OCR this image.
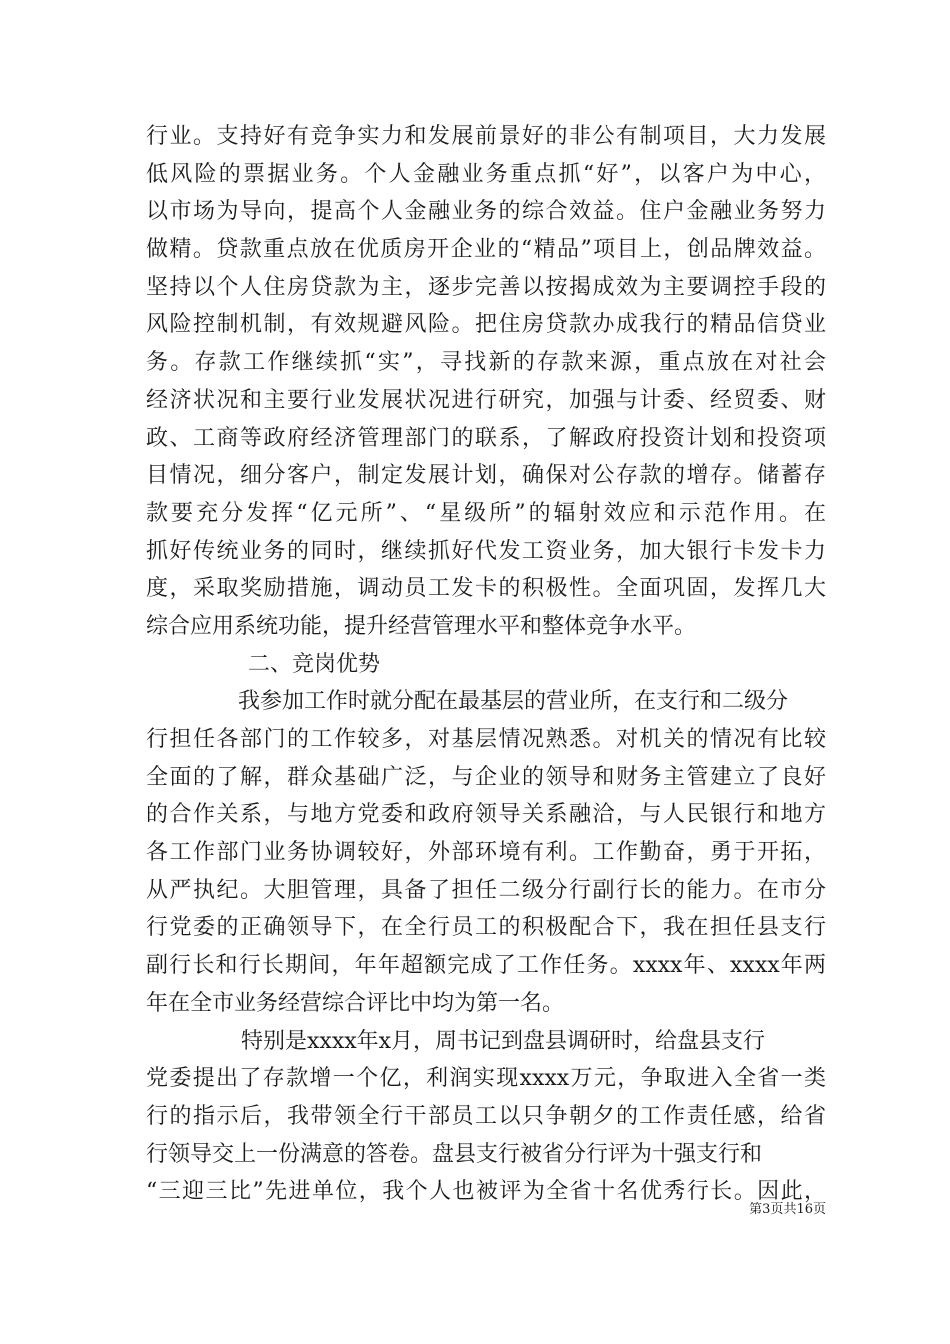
行业。支持好有竞争实力和发展前景好的非公有制项目，大力发展
低风险的票据业务。个人金融业务重点抓“好”，以客户为中心，
以市场为导向，提高个人金融业务的综合效益。住户金融业务努力
做精。贷款重点放在优质房开企业的“精品”项目上，创品牌效益。
坚持以个人住房贷款为主，逐步完善以按揭成效为主要调控手段的
风险控制机制，有效规避风险。把住房贷款办成我行的精品信贷业
务。存款工作继续抓“实”，寻找新的存款来源，重点放在对社会
经济状况和主要行业发展状况进行研究，加强与计委、经贸委、财
政、工商等政府经济管理部门的联系，了解政府投资计划和投资项
目情况，细分客户，制定发展计划，确保对公存款的增存。储蓄存
款要充分发挥“亿元所”、“星级所”的辐射效应和示范作用。在
抓好传统业务的同时，继续抓好代发工资业务，加大银行卡发卡力
度，采取奖励措施，调动员工发卡的积极性。全面巩固，发挥几大
综合应用系统功能，提升经营管理水平和整体竞争水平。
二、竞岗优势
我参加工作时就分配在最基层的营业所，在支行和二级分
行担任各部门的工作较多，对基层情况熟悉。对机关的情况有比较
全面的了解，群众基础广泛，与企业的领导和财务主管建立了良好
的合作关系，与地方党委和政府领导关系融洽，与人民银行和地方
各工作部门业务协调较好，外部环境有利。工作勤奋，勇于开拓，
从严执纪。大胆管理，具备了担任二级分行副行长的能力。在市分
行党委的正确领导下，在全行员工的积极配合下，我在担任县支行
副行长和行长期间，年年超额完成了工作任务。xxxx年、xxxx年两
年在全市业务经营综合评比中均为第一名。
特别是xxxx年x月，周书记到盘县调研时，给盘县支行
党委提出了存款增一个亿，利润实现xxxx万元，争取进入全省一类
行的指示后，我带领全行干部员工以只争朝夕的工作责任感，给省
行领导交上一份满意的答卷。盘县支行被省分行评为十强支行和
“三迎三比”先进单位，我个人也被评为全省十名优秀行长。因此，
第3页共16页
